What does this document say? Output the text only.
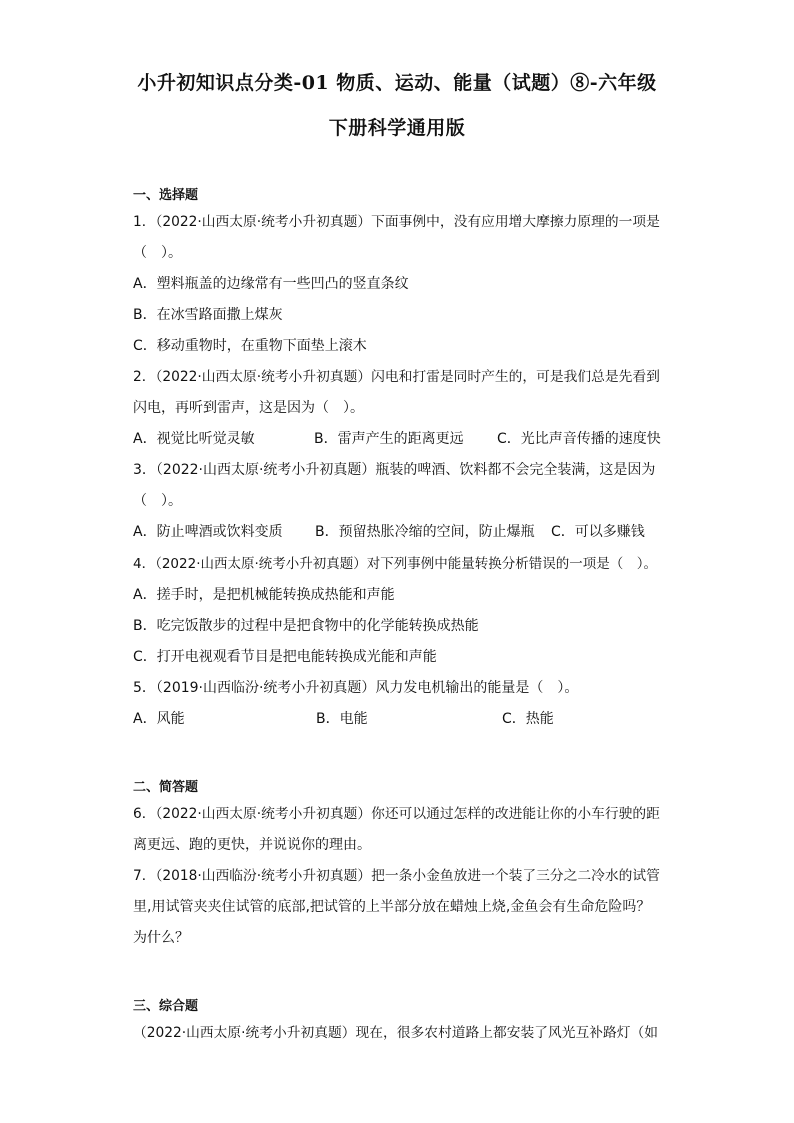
小升初知识点分类-01 物质、运动、能量（试题）⑧-六年级
下册科学通用版
一、选择题
1．（2022·山西太原·统考小升初真题）下面事例中，没有应用增大摩擦力原理的一项是
（　）。
A．塑料瓶盖的边缘常有一些凹凸的竖直条纹
B．在冰雪路面撒上煤灰
C．移动重物时，在重物下面垫上滚木
2．（2022·山西太原·统考小升初真题）闪电和打雷是同时产生的，可是我们总是先看到
闪电，再听到雷声，这是因为（　）。
A．视觉比听觉灵敏	B．雷声产生的距离更远 C．光比声音传播的速度快
3．（2022·山西太原·统考小升初真题）瓶装的啤酒、饮料都不会完全装满，这是因为
（　）。
A．防止啤酒或饮料变质 B．预留热胀冷缩的空间，防止爆瓶 C．可以多赚钱
4．（2022·山西太原·统考小升初真题）对下列事例中能量转换分析错误的一项是（　）。
A．搓手时，是把机械能转换成热能和声能
B．吃完饭散步的过程中是把食物中的化学能转换成热能
C．打开电视观看节目是把电能转换成光能和声能
5．（2019·山西临汾·统考小升初真题）风力发电机输出的能量是（　）。
A．风能	B．电能	C．热能
二、简答题
6．（2022·山西太原·统考小升初真题）你还可以通过怎样的改进能让你的小车行驶的距
离更远、跑的更快，并说说你的理由。
7．（2018·山西临汾·统考小升初真题）把一条小金鱼放进一个装了三分之二冷水的试管
里,用试管夹夹住试管的底部,把试管的上半部分放在蜡烛上烧,金鱼会有生命危险吗？
为什么？
三、综合题
（2022·山西太原·统考小升初真题）现在，很多农村道路上都安装了风光互补路灯（如
